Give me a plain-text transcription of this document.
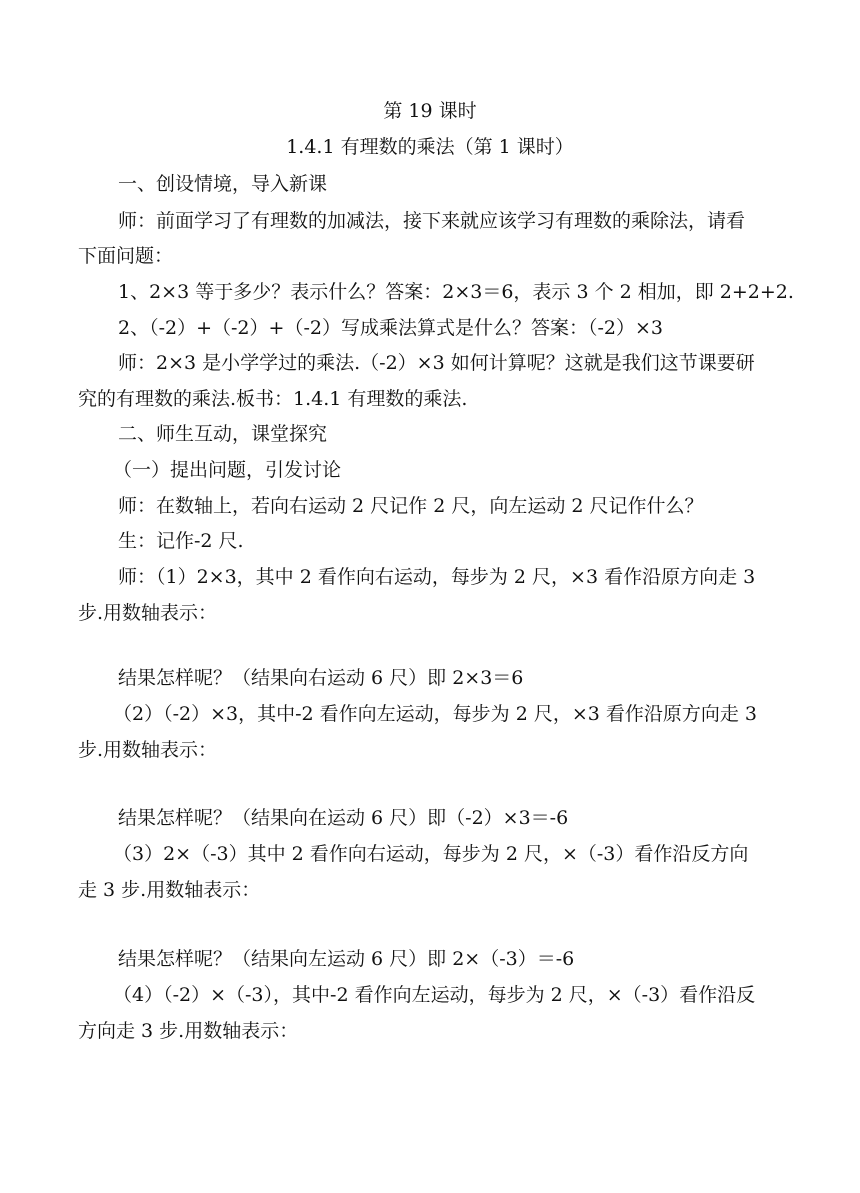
第 19 课时
1.4.1 有理数的乘法（第 1 课时）
一、创设情境，导入新课
师：前面学习了有理数的加减法，接下来就应该学习有理数的乘除法，请看
下面问题：
1、2×3 等于多少？表示什么？答案：2×3＝6，表示 3 个 2 相加，即 2+2+2.
2、（-2）+（-2）+（-2）写成乘法算式是什么？答案：（-2）×3
师：2×3 是小学学过的乘法.（-2）×3 如何计算呢？这就是我们这节课要研
究的有理数的乘法.板书：1.4.1 有理数的乘法.
二、师生互动，课堂探究
（一）提出问题，引发讨论
师：在数轴上，若向右运动 2 尺记作 2 尺，向左运动 2 尺记作什么？
生：记作-2 尺.
师：（1）2×3，其中 2 看作向右运动，每步为 2 尺，×3 看作沿原方向走 3
步.用数轴表示：
结果怎样呢？（结果向右运动 6 尺）即 2×3＝6
（2）（-2）×3，其中-2 看作向左运动，每步为 2 尺，×3 看作沿原方向走 3
步.用数轴表示：
结果怎样呢？（结果向在运动 6 尺）即（-2）×3＝-6
（3）2×（-3）其中 2 看作向右运动，每步为 2 尺，×（-3）看作沿反方向
走 3 步.用数轴表示：
结果怎样呢？（结果向左运动 6 尺）即 2×（-3）＝-6
（4）（-2）×（-3），其中-2 看作向左运动，每步为 2 尺，×（-3）看作沿反
方向走 3 步.用数轴表示：
